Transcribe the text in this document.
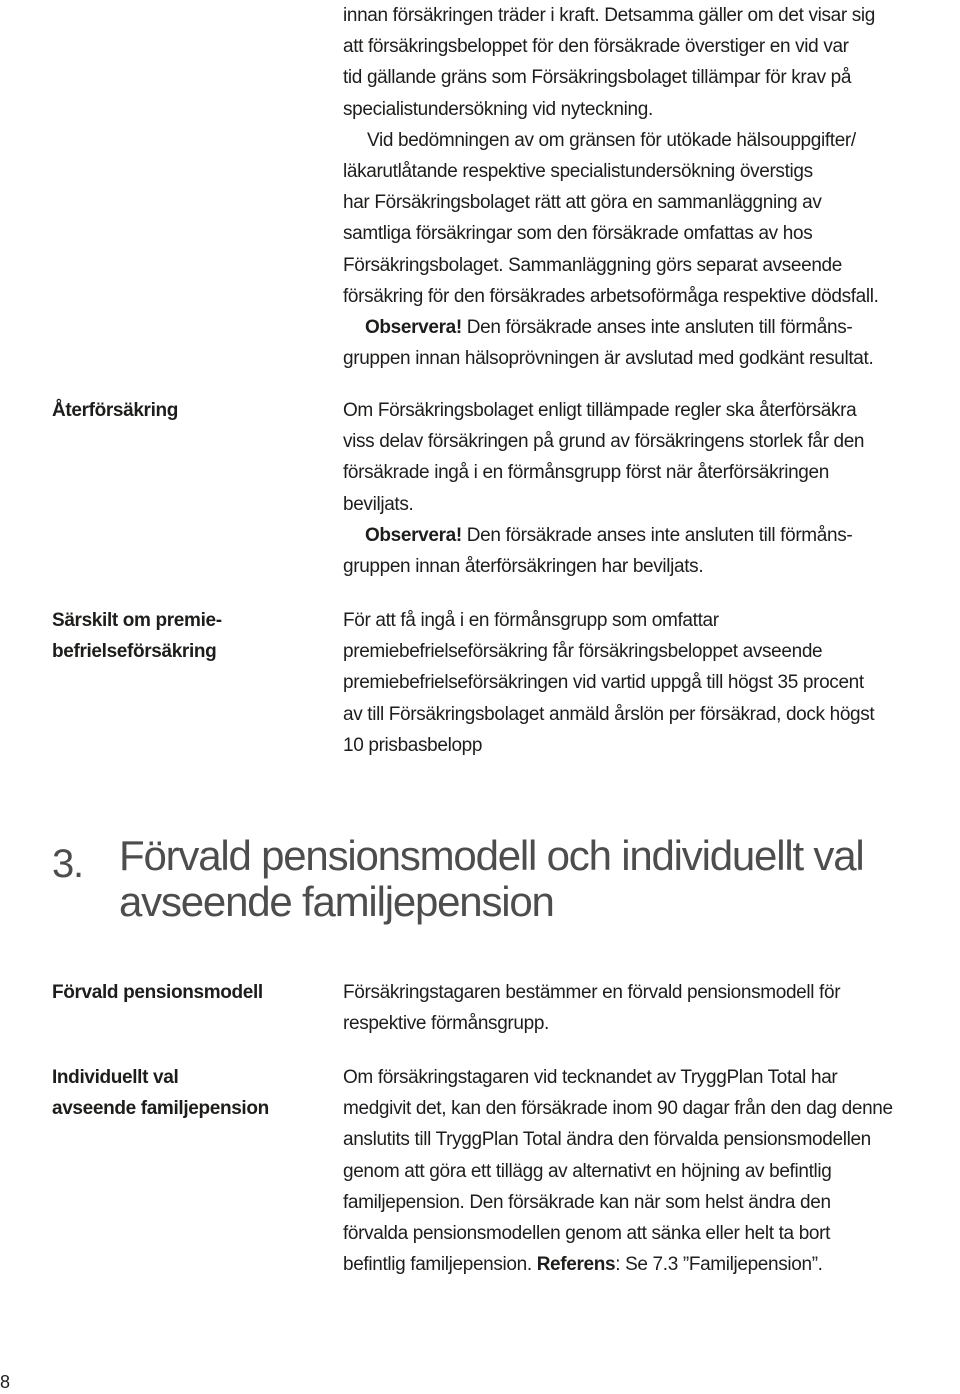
innan försäkringen träder i kraft. Detsamma gäller om det visar sig
att försäkringsbeloppet för den försäkrade överstiger en vid var
tid gällande gräns som Försäkringsbolaget tillämpar för krav på
specialistundersökning vid nyteckning.
Vid bedömningen av om gränsen för utökade hälsouppgifter/
läkarutlåtande respektive specialistundersökning överstigs
har Försäkringsbolaget rätt att göra en sammanläggning av
samtliga försäkringar som den försäkrade omfattas av hos
Försäkringsbolaget. Sammanläggning görs separat avseende
försäkring för den försäkrades arbetsoförmåga respektive dödsfall.
Observera! Den försäkrade anses inte ansluten till förmåns-
gruppen innan hälsoprövningen är avslutad med godkänt resultat.
Återförsäkring	Om Försäkringsbolaget enligt tillämpade regler ska återförsäkra
viss delav försäkringen på grund av försäkringens storlek får den
försäkrade ingå i en förmånsgrupp först när återförsäkringen
beviljats.
Observera! Den försäkrade anses inte ansluten till förmåns-
gruppen innan återförsäkringen har beviljats.
Särskilt om premie-
befrielseförsäkring
För att få ingå i en förmånsgrupp som omfattar
premiebefrielseförsäkring får försäkringsbeloppet avseende
premiebefrielseförsäkringen vid vartid uppgå till högst 35 procent
av till Försäkringsbolaget anmäld årslön per försäkrad, dock högst
10 prisbasbelopp
3. Förvald pensionsmodell och individuellt val
avseende familjepension
Förvald pensionsmodell	Försäkringstagaren bestämmer en förvald pensionsmodell för
respektive förmånsgrupp.
Individuellt val
avseende familjepension
Om försäkringstagaren vid tecknandet av TryggPlan Total har
medgivit det, kan den försäkrade inom 90 dagar från den dag denne
anslutits till TryggPlan Total ändra den förvalda pensionsmodellen
genom att göra ett tillägg av alternativt en höjning av befintlig
familjepension. Den försäkrade kan när som helst ändra den
förvalda pensionsmodellen genom att sänka eller helt ta bort
befintlig familjepension. Referens: Se 7.3 ”Familjepension”.
8
